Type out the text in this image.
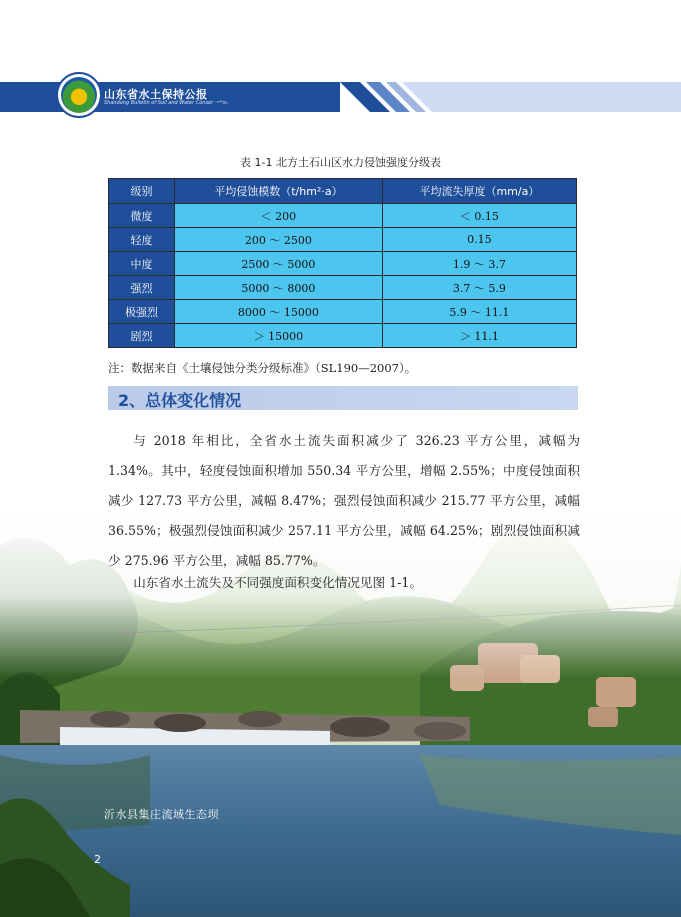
山东省水土保持公报
Shandong Bulletin of Soil and Water Conservation
2019
表 1-1 北方土石山区水力侵蚀强度分级表
级别	平均侵蚀模数（t/hm²·a）	平均流失厚度（mm/a）
微度	＜ 200	＜ 0.15
轻度	200 ～ 2500	0.15
中度	2500 ～ 5000	1.9 ～ 3.7
强烈	5000 ～ 8000	3.7 ～ 5.9
极强烈	8000 ～ 15000	5.9 ～ 11.1
剧烈	＞ 15000	＞ 11.1
注：数据来自《土壤侵蚀分类分级标准》（SL190—2007）。
2、总体变化情况
与 2018 年相比，全省水土流失面积减少了 326.23 平方公里，减幅为 1.34%。其中，轻度侵蚀面积增加 550.34 平方公里，增幅 2.55%；中度侵蚀面积减少 127.73 平方公里，减幅 8.47%；强烈侵蚀面积减少 215.77 平方公里，减幅 36.55%；极强烈侵蚀面积减少 257.11 平方公里，减幅 64.25%；剧烈侵蚀面积减少 275.96 平方公里，减幅 85.77%。
山东省水土流失及不同强度面积变化情况见图 1-1。
沂水县集庄流域生态坝
2
